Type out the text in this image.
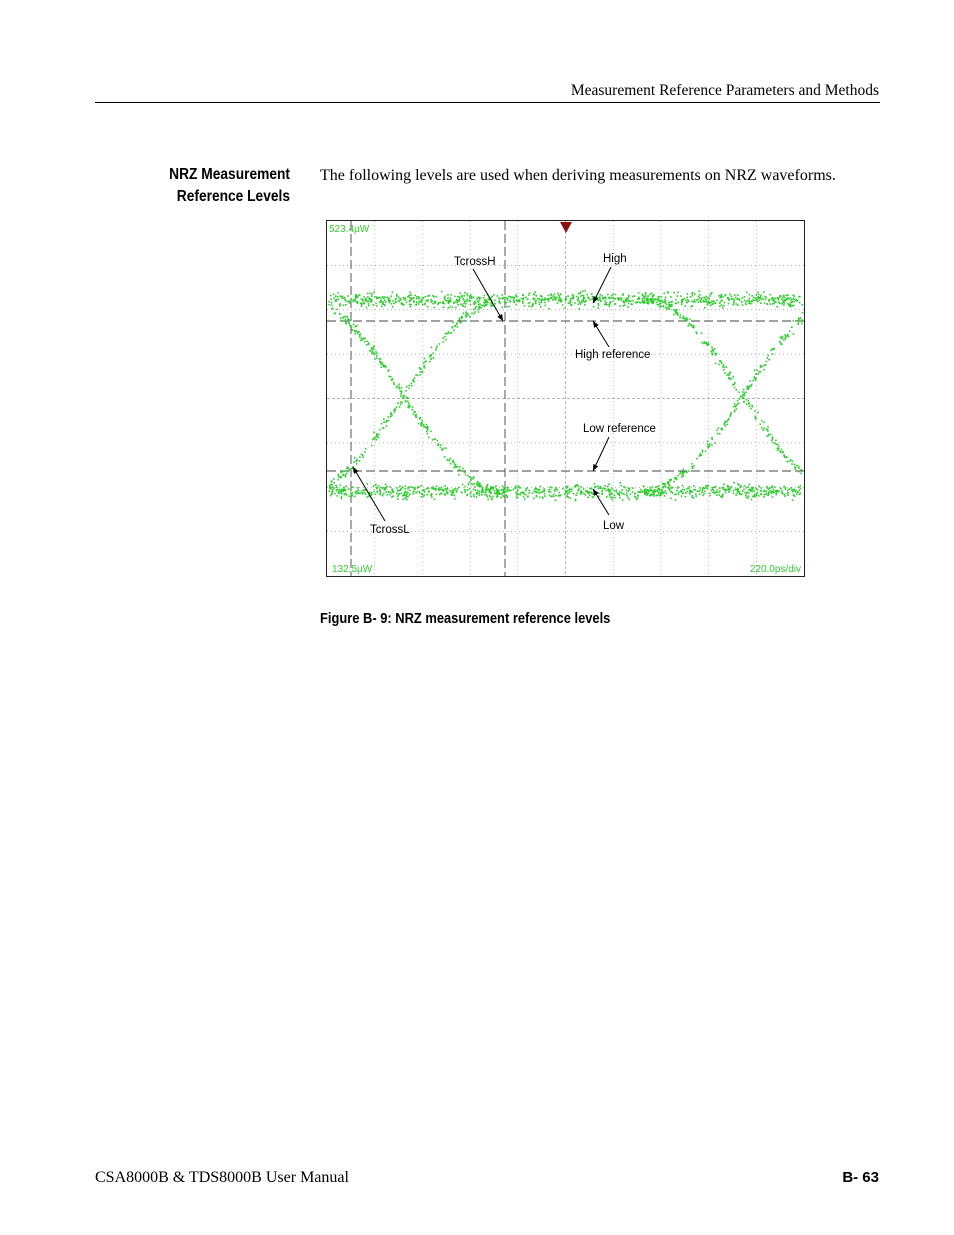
Measurement Reference Parameters and Methods
NRZ Measurement
Reference Levels
The following levels are used when deriving measurements on NRZ waveforms.
523.4µW
132.5µW	220.0ps/div
TcrossH	High
High reference
Low reference
Low
TcrossL
Figure B- 9: NRZ measurement reference levels
CSA8000B & TDS8000B User Manual	B- 63
